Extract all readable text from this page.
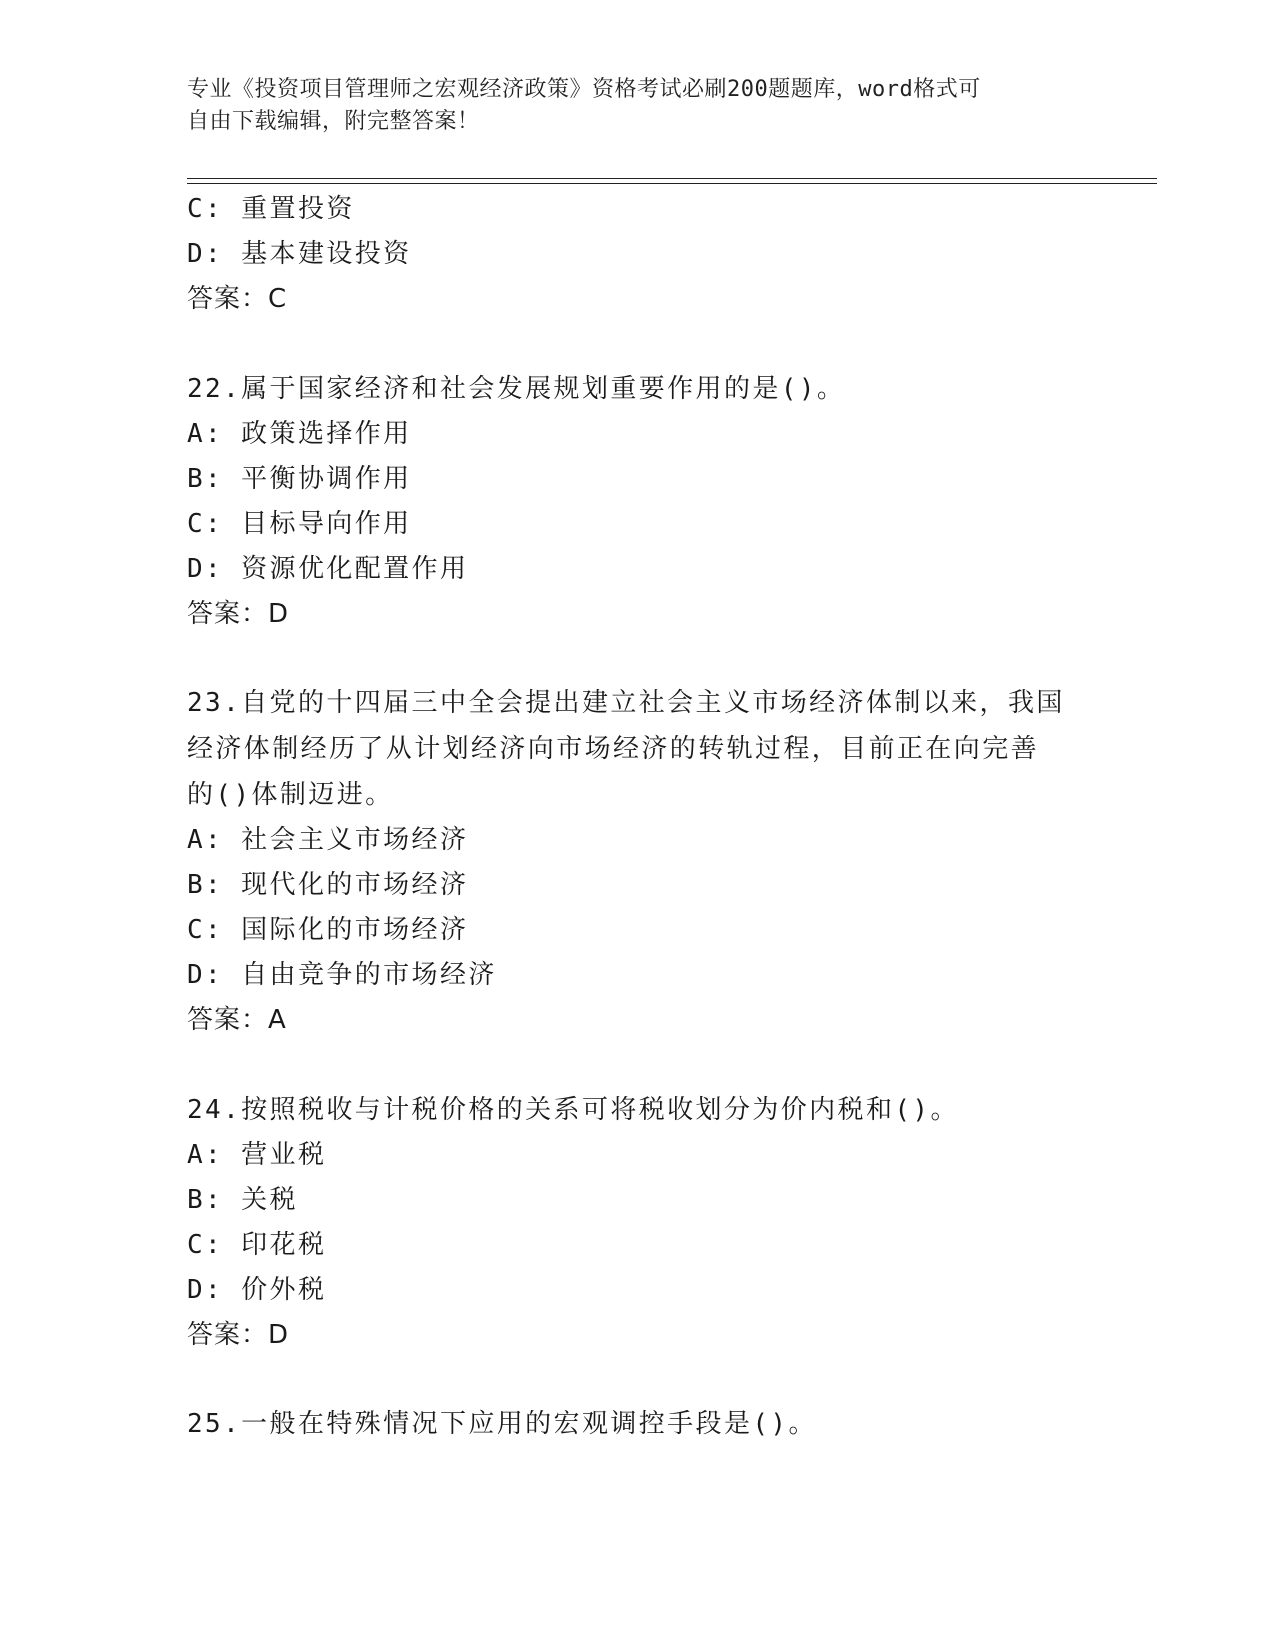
专业《投资项目管理师之宏观经济政策》资格考试必刷200题题库，word格式可
自由下载编辑，附完整答案！
C: 重置投资
D: 基本建设投资
答案：C
22.属于国家经济和社会发展规划重要作用的是()。
A: 政策选择作用
B: 平衡协调作用
C: 目标导向作用
D: 资源优化配置作用
答案：D
23.自党的十四届三中全会提出建立社会主义市场经济体制以来，我国
经济体制经历了从计划经济向市场经济的转轨过程，目前正在向完善
的()体制迈进。
A: 社会主义市场经济
B: 现代化的市场经济
C: 国际化的市场经济
D: 自由竞争的市场经济
答案：A
24.按照税收与计税价格的关系可将税收划分为价内税和()。
A: 营业税
B: 关税
C: 印花税
D: 价外税
答案：D
25.一般在特殊情况下应用的宏观调控手段是()。
